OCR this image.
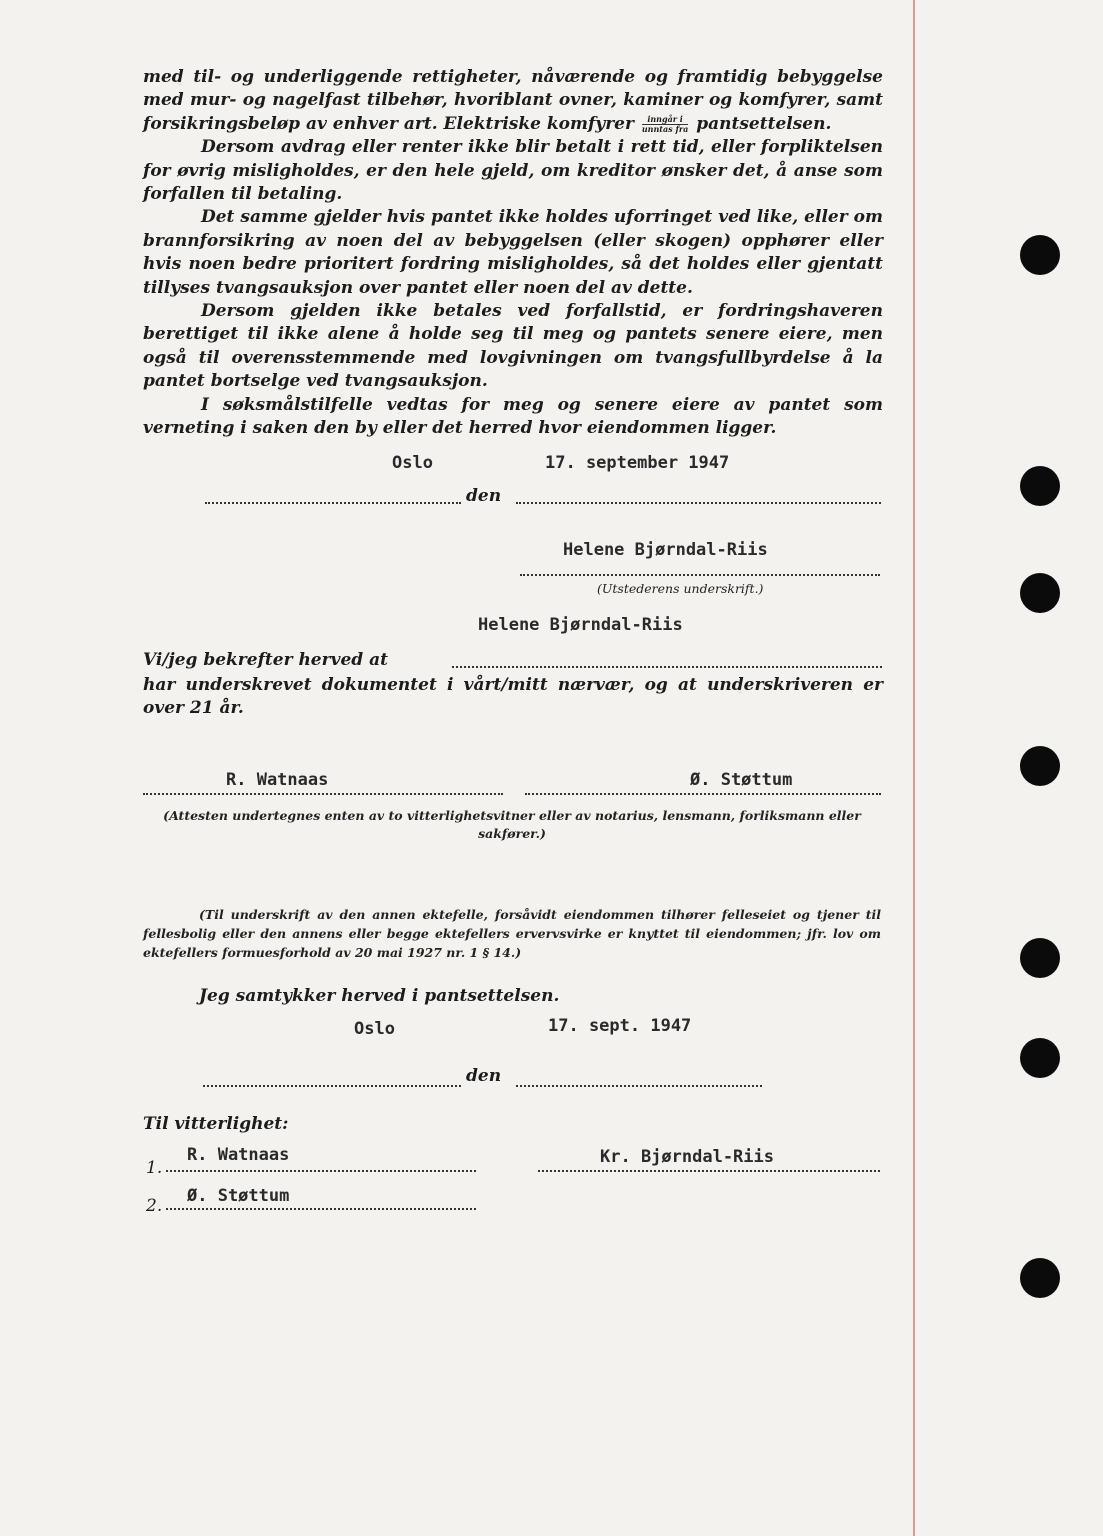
med til- og underliggende rettigheter, nåværende og framtidig bebyggelse med mur- og nagelfast tilbehør, hvoriblant ovner, kaminer og komfyrer, samt forsikringsbeløp av enhver art. Elektriske komfyrer $\frac{\text{inngår i}}{\text{unntas fra}}$ pantsettelsen.

Dersom avdrag eller renter ikke blir betalt i rett tid, eller forpliktelsen for øvrig misligholdes, er den hele gjeld, om kreditor ønsker det, å anse som forfallen til betaling.

Det samme gjelder hvis pantet ikke holdes uforringet ved like, eller om brannforsikring av noen del av bebyggelsen (eller skogen) opphører eller hvis noen bedre prioritert fordring misligholdes, så det holdes eller gjentatt tillyses tvangsauksjon over pantet eller noen del av dette.

Dersom gjelden ikke betales ved forfallstid, er fordringshaveren berettiget til ikke alene å holde seg til meg og pantets senere eiere, men også til overensstemmende med lovgivningen om tvangsfullbyrdelse å la pantet bortselge ved tvangsauksjon.

I søksmålstilfelle vedtas for meg og senere eiere av pantet som verneting i saken den by eller det herred hvor eiendommen ligger.

Oslo	17. september 1947
den
Helene Bjørndal-Riis
(Utstederens underskrift.)
Helene Bjørndal-Riis
Vi/jeg bekrefter herved at
har underskrevet dokumentet i vårt/mitt nærvær, og at underskriveren er over 21 år.
R. Watnaas	Ø. Støttum
(Attesten undertegnes enten av to vitterlighetsvitner eller av notarius, lensmann, forliksmann eller sakfører.)
(Til underskrift av den annen ektefelle, forsåvidt eiendommen tilhører felleseiet og tjener til fellesbolig eller den annens eller begge ektefellers ervervsvirke er knyttet til eiendommen; jfr. lov om ektefellers formuesforhold av 20 mai 1927 nr. 1 § 14.)
Jeg samtykker herved i pantsettelsen.
Oslo	17. sept. 1947
den
Til vitterlighet:
1.
R. Watnaas	Kr. Bjørndal-Riis
2. Ø. Støttum
